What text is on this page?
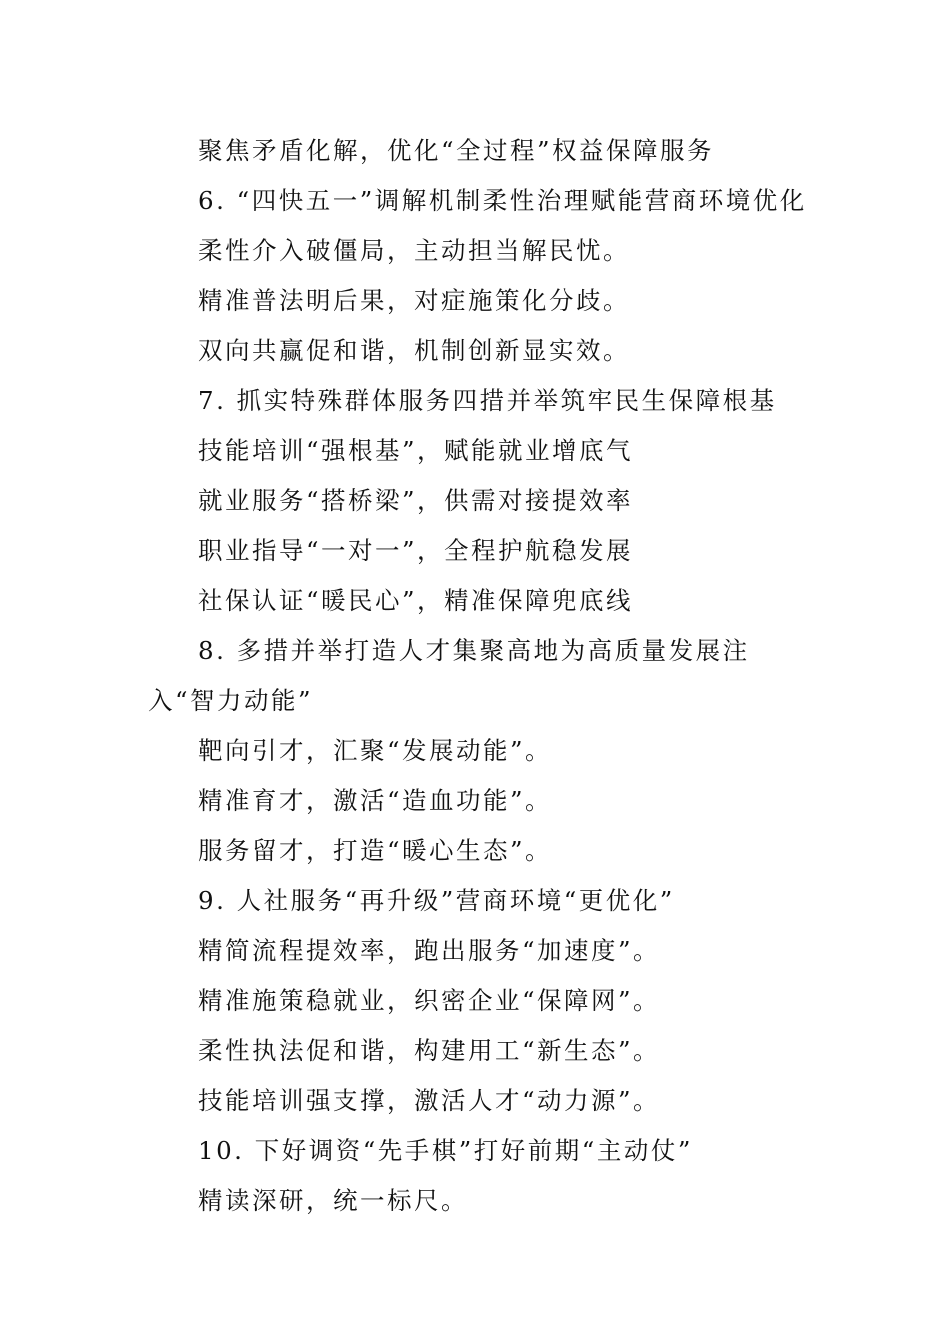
聚焦矛盾化解，优化“全过程”权益保障服务
6. “四快五一”调解机制柔性治理赋能营商环境优化
柔性介入破僵局，主动担当解民忧。
精准普法明后果，对症施策化分歧。
双向共赢促和谐，机制创新显实效。
7. 抓实特殊群体服务四措并举筑牢民生保障根基
技能培训“强根基”，赋能就业增底气
就业服务“搭桥梁”，供需对接提效率
职业指导“一对一”，全程护航稳发展
社保认证“暖民心”，精准保障兜底线
8. 多措并举打造人才集聚高地为高质量发展注入“智力动能”
靶向引才，汇聚“发展动能”。
精准育才，激活“造血功能”。
服务留才，打造“暖心生态”。
9. 人社服务“再升级”营商环境“更优化”
精简流程提效率，跑出服务“加速度”。
精准施策稳就业，织密企业“保障网”。
柔性执法促和谐，构建用工“新生态”。
技能培训强支撑，激活人才“动力源”。
10. 下好调资“先手棋”打好前期“主动仗”
精读深研，统一标尺。
